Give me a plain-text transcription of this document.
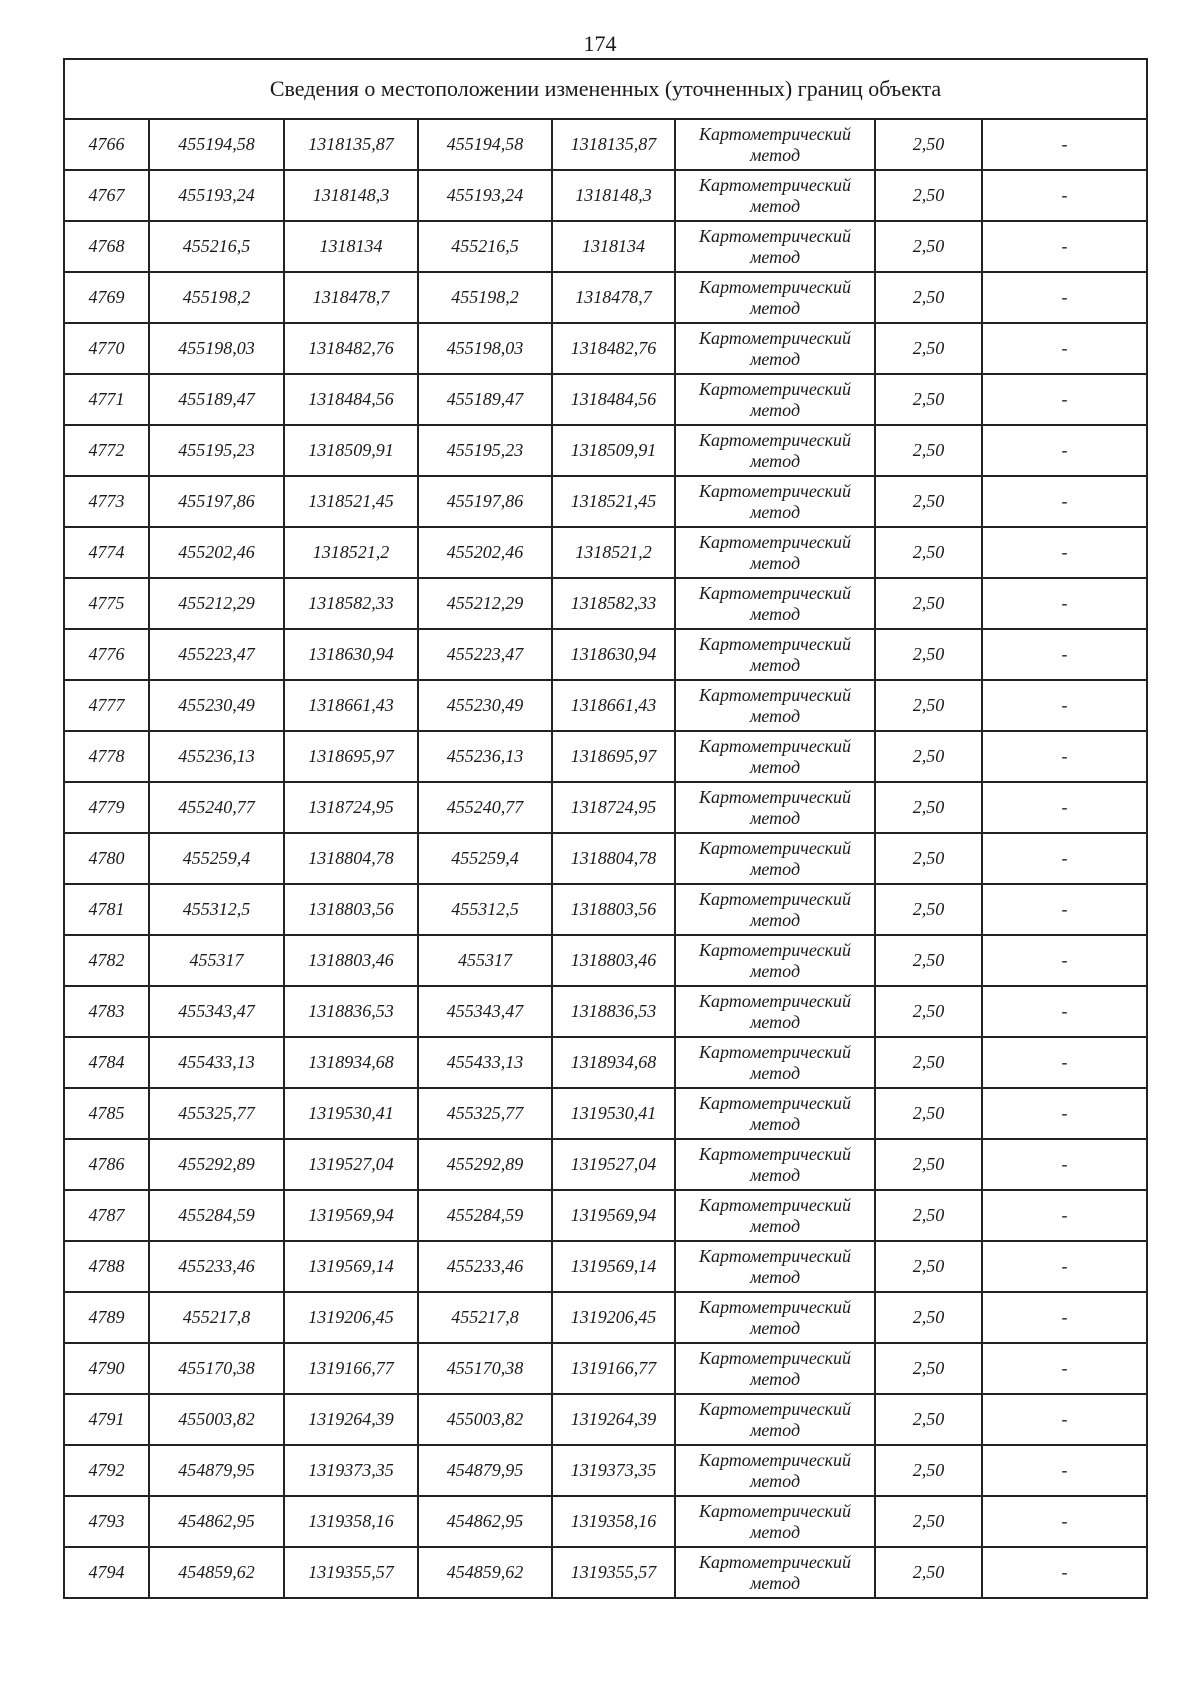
174
Сведения о местоположении измененных (уточненных) границ объекта							
4766	455194,58	1318135,87	455194,58	1318135,87	Картометрический
метод	2,50	-
4767	455193,24	1318148,3	455193,24	1318148,3	Картометрический
метод	2,50	-
4768	455216,5	1318134	455216,5	1318134	Картометрический
метод	2,50	-
4769	455198,2	1318478,7	455198,2	1318478,7	Картометрический
метод	2,50	-
4770	455198,03	1318482,76	455198,03	1318482,76	Картометрический
метод	2,50	-
4771	455189,47	1318484,56	455189,47	1318484,56	Картометрический
метод	2,50	-
4772	455195,23	1318509,91	455195,23	1318509,91	Картометрический
метод	2,50	-
4773	455197,86	1318521,45	455197,86	1318521,45	Картометрический
метод	2,50	-
4774	455202,46	1318521,2	455202,46	1318521,2	Картометрический
метод	2,50	-
4775	455212,29	1318582,33	455212,29	1318582,33	Картометрический
метод	2,50	-
4776	455223,47	1318630,94	455223,47	1318630,94	Картометрический
метод	2,50	-
4777	455230,49	1318661,43	455230,49	1318661,43	Картометрический
метод	2,50	-
4778	455236,13	1318695,97	455236,13	1318695,97	Картометрический
метод	2,50	-
4779	455240,77	1318724,95	455240,77	1318724,95	Картометрический
метод	2,50	-
4780	455259,4	1318804,78	455259,4	1318804,78	Картометрический
метод	2,50	-
4781	455312,5	1318803,56	455312,5	1318803,56	Картометрический
метод	2,50	-
4782	455317	1318803,46	455317	1318803,46	Картометрический
метод	2,50	-
4783	455343,47	1318836,53	455343,47	1318836,53	Картометрический
метод	2,50	-
4784	455433,13	1318934,68	455433,13	1318934,68	Картометрический
метод	2,50	-
4785	455325,77	1319530,41	455325,77	1319530,41	Картометрический
метод	2,50	-
4786	455292,89	1319527,04	455292,89	1319527,04	Картометрический
метод	2,50	-
4787	455284,59	1319569,94	455284,59	1319569,94	Картометрический
метод	2,50	-
4788	455233,46	1319569,14	455233,46	1319569,14	Картометрический
метод	2,50	-
4789	455217,8	1319206,45	455217,8	1319206,45	Картометрический
метод	2,50	-
4790	455170,38	1319166,77	455170,38	1319166,77	Картометрический
метод	2,50	-
4791	455003,82	1319264,39	455003,82	1319264,39	Картометрический
метод	2,50	-
4792	454879,95	1319373,35	454879,95	1319373,35	Картометрический
метод	2,50	-
4793	454862,95	1319358,16	454862,95	1319358,16	Картометрический
метод	2,50	-
4794	454859,62	1319355,57	454859,62	1319355,57	Картометрический
метод	2,50	-
